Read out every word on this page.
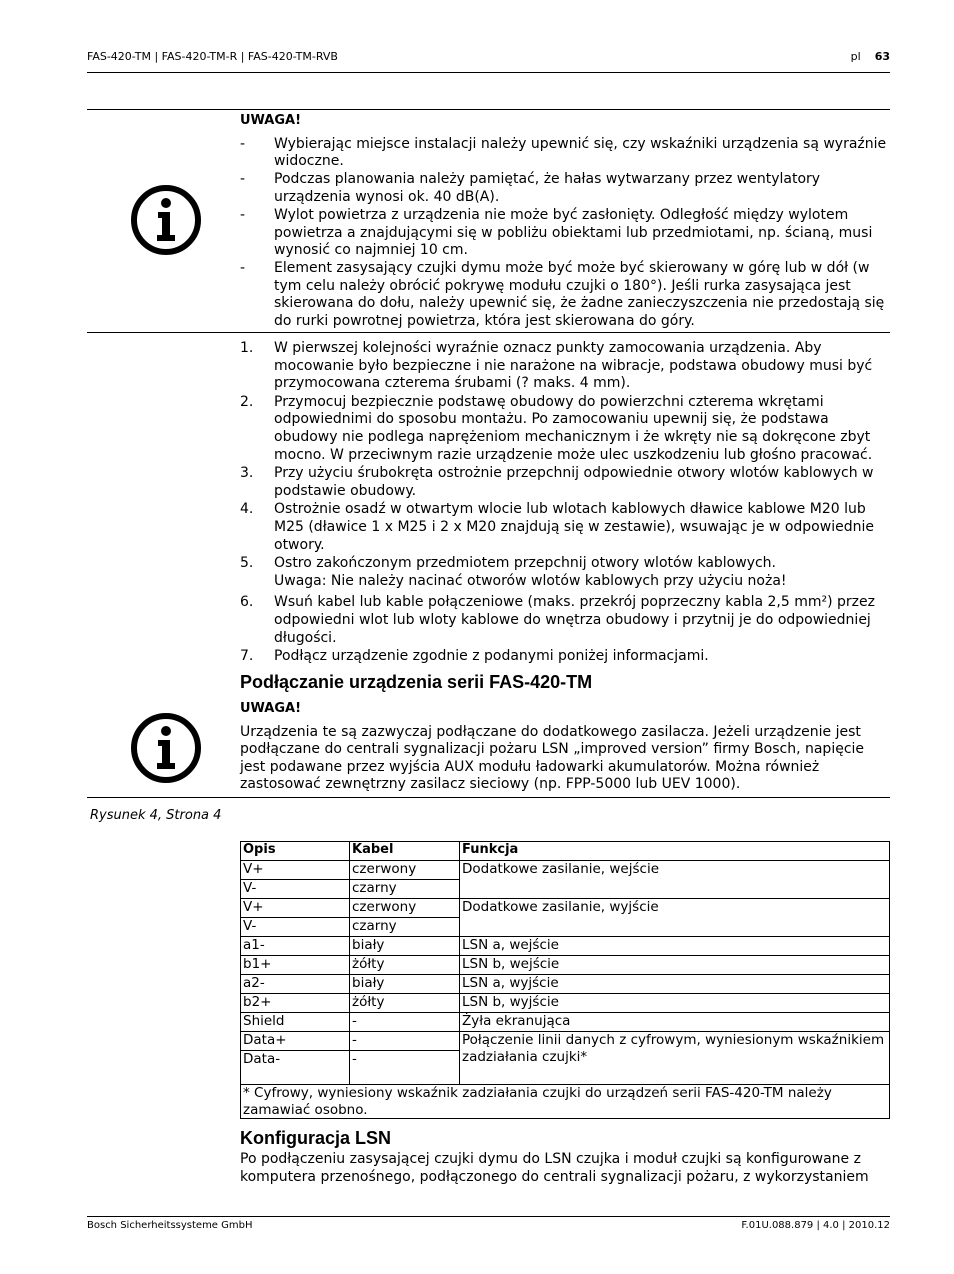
FAS-420-TM | FAS-420-TM-R | FAS-420-TM-RVB	pl 63
UWAGA!
- Wybierając miejsce instalacji należy upewnić się, czy wskaźniki urządzenia są wyraźnie widoczne.
- Podczas planowania należy pamiętać, że hałas wytwarzany przez wentylatory urządzenia wynosi ok. 40 dB(A).
- Wylot powietrza z urządzenia nie może być zasłonięty. Odległość między wylotem powietrza a znajdującymi się w pobliżu obiektami lub przedmiotami, np. ścianą, musi wynosić co najmniej 10 cm.
- Element zasysający czujki dymu może być może być skierowany w górę lub w dół (w tym celu należy obrócić pokrywę modułu czujki o 180°). Jeśli rurka zasysająca jest skierowana do dołu, należy upewnić się, że żadne zanieczyszczenia nie przedostają się do rurki powrotnej powietrza, która jest skierowana do góry.
1. W pierwszej kolejności wyraźnie oznacz punkty zamocowania urządzenia. Aby mocowanie było bezpieczne i nie narażone na wibracje, podstawa obudowy musi być przymocowana czterema śrubami (? maks. 4 mm).
2. Przymocuj bezpiecznie podstawę obudowy do powierzchni czterema wkrętami odpowiednimi do sposobu montażu. Po zamocowaniu upewnij się, że podstawa obudowy nie podlega naprężeniom mechanicznym i że wkręty nie są dokręcone zbyt mocno. W przeciwnym razie urządzenie może ulec uszkodzeniu lub głośno pracować.
3. Przy użyciu śrubokręta ostrożnie przepchnij odpowiednie otwory wlotów kablowych w podstawie obudowy.
4. Ostrożnie osadź w otwartym wlocie lub wlotach kablowych dławice kablowe M20 lub M25 (dławice 1 x M25 i 2 x M20 znajdują się w zestawie), wsuwając je w odpowiednie otwory.
5. Ostro zakończonym przedmiotem przepchnij otwory wlotów kablowych.
Uwaga: Nie należy nacinać otworów wlotów kablowych przy użyciu noża!
6. Wsuń kabel lub kable połączeniowe (maks. przekrój poprzeczny kabla 2,5 mm²) przez odpowiedni wlot lub wloty kablowe do wnętrza obudowy i przytnij je do odpowiedniej długości.
7. Podłącz urządzenie zgodnie z podanymi poniżej informacjami.
Podłączanie urządzenia serii FAS-420-TM
UWAGA!
Urządzenia te są zazwyczaj podłączane do dodatkowego zasilacza. Jeżeli urządzenie jest podłączane do centrali sygnalizacji pożaru LSN „improved version” firmy Bosch, napięcie jest podawane przez wyjścia AUX modułu ładowarki akumulatorów. Można również zastosować zewnętrzny zasilacz sieciowy (np. FPP-5000 lub UEV 1000).
Rysunek 4, Strona 4
Opis	Kabel	Funkcja
V+	czerwony	Dodatkowe zasilanie, wejście
V-	czarny	
V+	czerwony	Dodatkowe zasilanie, wyjście
V-	czarny	
a1-	biały	LSN a, wejście
b1+	żółty	LSN b, wejście
a2-	biały	LSN a, wyjście
b2+	żółty	LSN b, wyjście
Shield	-	Żyła ekranująca
Data+	-	Połączenie linii danych z cyfrowym, wyniesionym wskaźnikiem zadziałania czujki*
Data-	-	
* Cyfrowy, wyniesiony wskaźnik zadziałania czujki do urządzeń serii FAS-420-TM należy zamawiać osobno.		
Konfiguracja LSN
Po podłączeniu zasysającej czujki dymu do LSN czujka i moduł czujki są konfigurowane z komputera przenośnego, podłączonego do centrali sygnalizacji pożaru, z wykorzystaniem
Bosch Sicherheitssysteme GmbH	F.01U.088.879 | 4.0 | 2010.12
